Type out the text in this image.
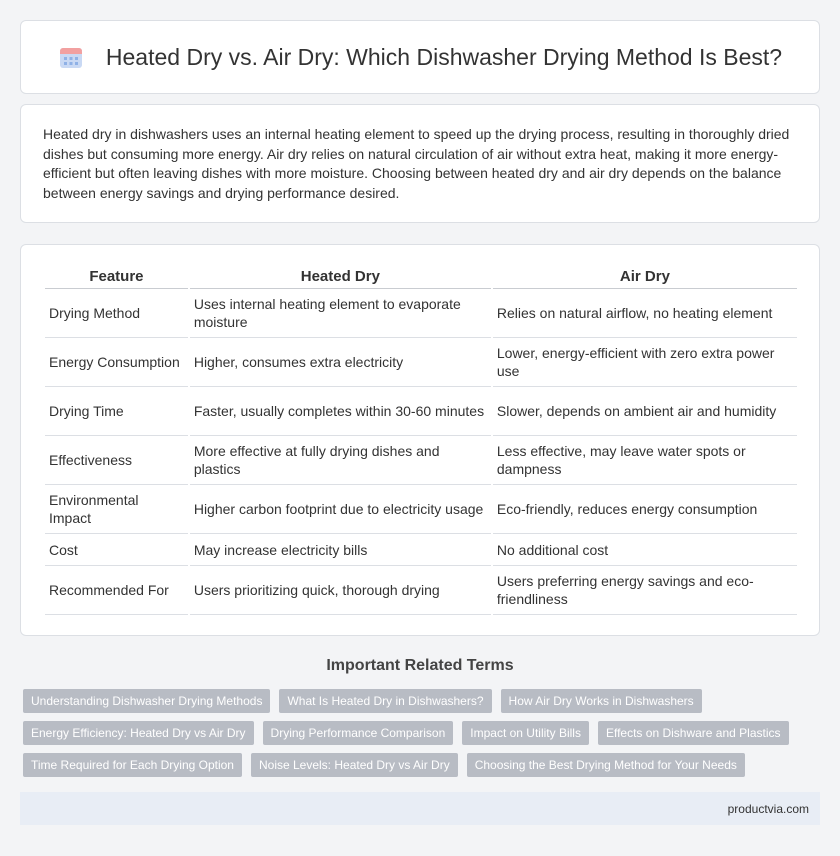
Heated Dry vs. Air Dry: Which Dishwasher Drying Method Is Best?

Heated dry in dishwashers uses an internal heating element to speed up the drying process, resulting in thoroughly dried dishes but consuming more energy. Air dry relies on natural circulation of air without extra heat, making it more energy-efficient but often leaving dishes with more moisture. Choosing between heated dry and air dry depends on the balance between energy savings and drying performance desired.

Feature	Heated Dry	Air Dry
Drying Method	Uses internal heating element to evaporate moisture	Relies on natural airflow, no heating element
Energy Consumption	Higher, consumes extra electricity	Lower, energy-efficient with zero extra power use
Drying Time	Faster, usually completes within 30-60 minutes	Slower, depends on ambient air and humidity
Effectiveness	More effective at fully drying dishes and plastics	Less effective, may leave water spots or dampness
Environmental Impact	Higher carbon footprint due to electricity usage	Eco-friendly, reduces energy consumption
Cost	May increase electricity bills	No additional cost
Recommended For	Users prioritizing quick, thorough drying	Users preferring energy savings and eco-friendliness
Important Related Terms
Understanding Dishwasher Drying Methods	What Is Heated Dry in Dishwashers?	How Air Dry Works in Dishwashers
Energy Efficiency: Heated Dry vs Air Dry	Drying Performance Comparison	Impact on Utility Bills	Effects on Dishware and Plastics
Time Required for Each Drying Option	Noise Levels: Heated Dry vs Air Dry	Choosing the Best Drying Method for Your Needs
productvia.com
